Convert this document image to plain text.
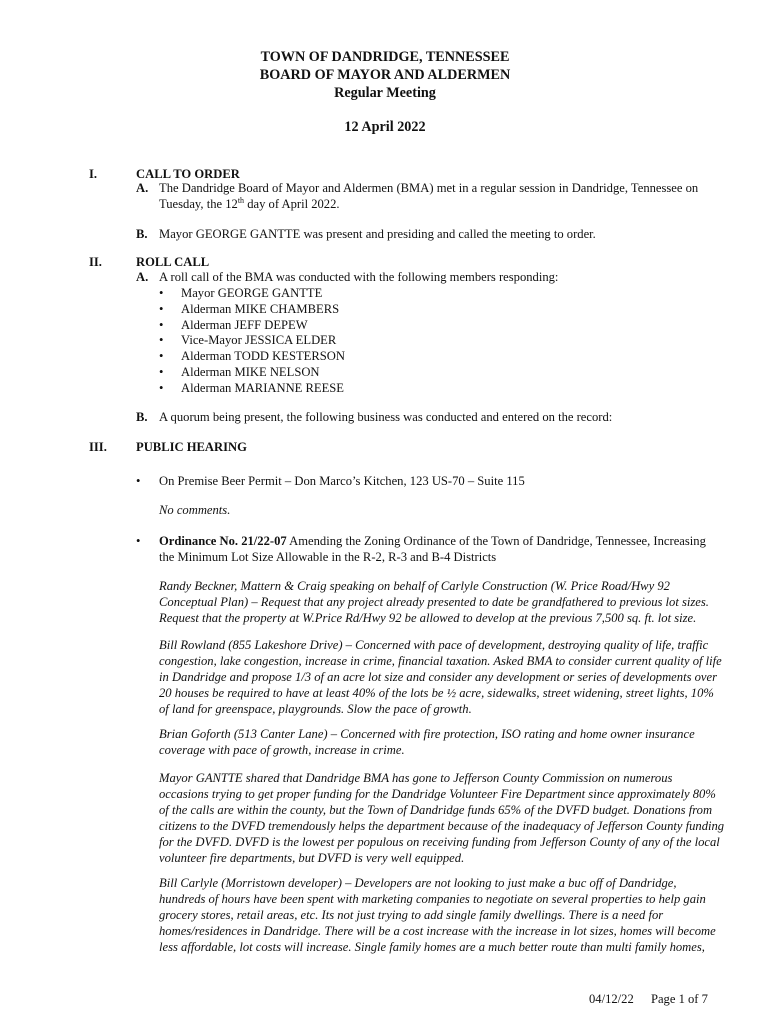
TOWN OF DANDRIDGE, TENNESSEE
BOARD OF MAYOR AND ALDERMEN
Regular Meeting
12 April 2022
I.	CALL TO ORDER
A. The Dandridge Board of Mayor and Aldermen (BMA) met in a regular session in Dandridge, Tennessee on
Tuesday, the 12th day of April 2022.
B. Mayor GEORGE GANTTE was present and presiding and called the meeting to order.
II.	ROLL CALL
A. A roll call of the BMA was conducted with the following members responding:
• Mayor GEORGE GANTTE
• Alderman MIKE CHAMBERS
• Alderman JEFF DEPEW
• Vice-Mayor JESSICA ELDER
• Alderman TODD KESTERSON
• Alderman MIKE NELSON
• Alderman MARIANNE REESE
B. A quorum being present, the following business was conducted and entered on the record:
III. PUBLIC HEARING
• On Premise Beer Permit – Don Marco’s Kitchen, 123 US-70 – Suite 115
No comments.
• Ordinance No. 21/22-07 Amending the Zoning Ordinance of the Town of Dandridge, Tennessee, Increasing
the Minimum Lot Size Allowable in the R-2, R-3 and B-4 Districts
Randy Beckner, Mattern & Craig speaking on behalf of Carlyle Construction (W. Price Road/Hwy 92
Conceptual Plan) – Request that any project already presented to date be grandfathered to previous lot sizes.
Request that the property at W.Price Rd/Hwy 92 be allowed to develop at the previous 7,500 sq. ft. lot size.
Bill Rowland (855 Lakeshore Drive) – Concerned with pace of development, destroying quality of life, traffic
congestion, lake congestion, increase in crime, financial taxation. Asked BMA to consider current quality of life
in Dandridge and propose 1/3 of an acre lot size and consider any development or series of developments over
20 houses be required to have at least 40% of the lots be ½ acre, sidewalks, street widening, street lights, 10%
of land for greenspace, playgrounds. Slow the pace of growth.
Brian Goforth (513 Canter Lane) – Concerned with fire protection, ISO rating and home owner insurance
coverage with pace of growth, increase in crime.
Mayor GANTTE shared that Dandridge BMA has gone to Jefferson County Commission on numerous
occasions trying to get proper funding for the Dandridge Volunteer Fire Department since approximately 80%
of the calls are within the county, but the Town of Dandridge funds 65% of the DVFD budget. Donations from
citizens to the DVFD tremendously helps the department because of the inadequacy of Jefferson County funding
for the DVFD. DVFD is the lowest per populous on receiving funding from Jefferson County of any of the local
volunteer fire departments, but DVFD is very well equipped.
Bill Carlyle (Morristown developer) – Developers are not looking to just make a buc off of Dandridge,
hundreds of hours have been spent with marketing companies to negotiate on several properties to help gain
grocery stores, retail areas, etc. Its not just trying to add single family dwellings. There is a need for
homes/residences in Dandridge. There will be a cost increase with the increase in lot sizes, homes will become
less affordable, lot costs will increase. Single family homes are a much better route than multi family homes,
04/12/22 Page 1 of 7
